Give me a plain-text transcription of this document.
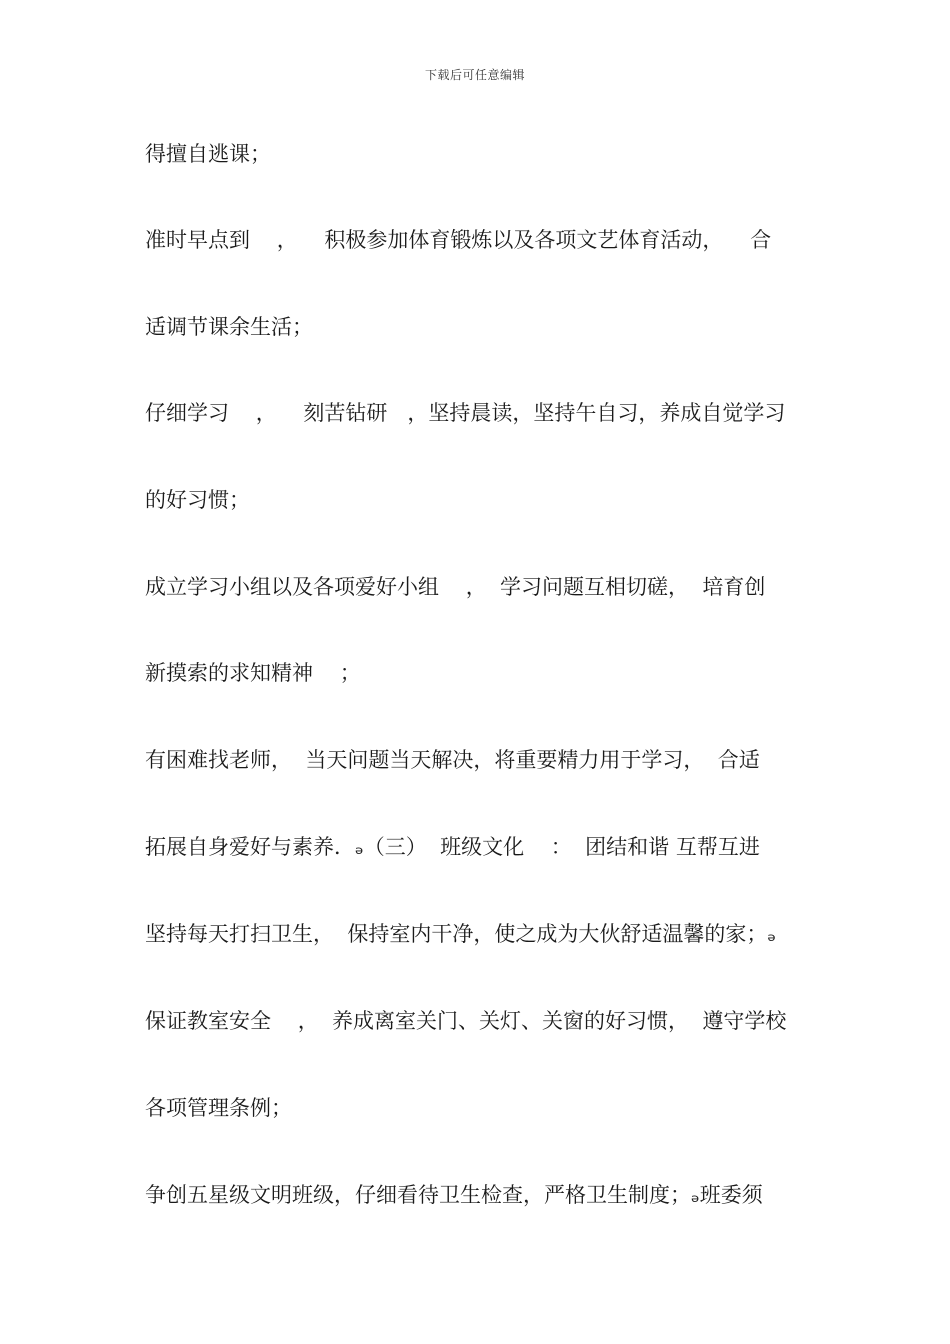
下载后可任意编辑
得擅自逃课；
准时早点到    ，    积极参加体育锻炼以及各项文艺体育活动，    合
适调节课余生活；
仔细学习    ，    刻苦钻研   ，坚持晨读，坚持午自习，养成自觉学习
的好习惯；
成立学习小组以及各项爱好小组    ，  学习问题互相切磋，  培育创
新摸索的求知精神    ；
有困难找老师，  当天问题当天解决，将重要精力用于学习，  合适
拓展自身爱好与素养．ₔ（三）  班级文化    ：  团结和谐 互帮互进
坚持每天打扫卫生，  保持室内干净，使之成为大伙舒适温馨的家；ₔ
保证教室安全    ，  养成离室关门、关灯、关窗的好习惯，  遵守学校
各项管理条例；
争创五星级文明班级，仔细看待卫生检查，严格卫生制度；ₔ班委须
